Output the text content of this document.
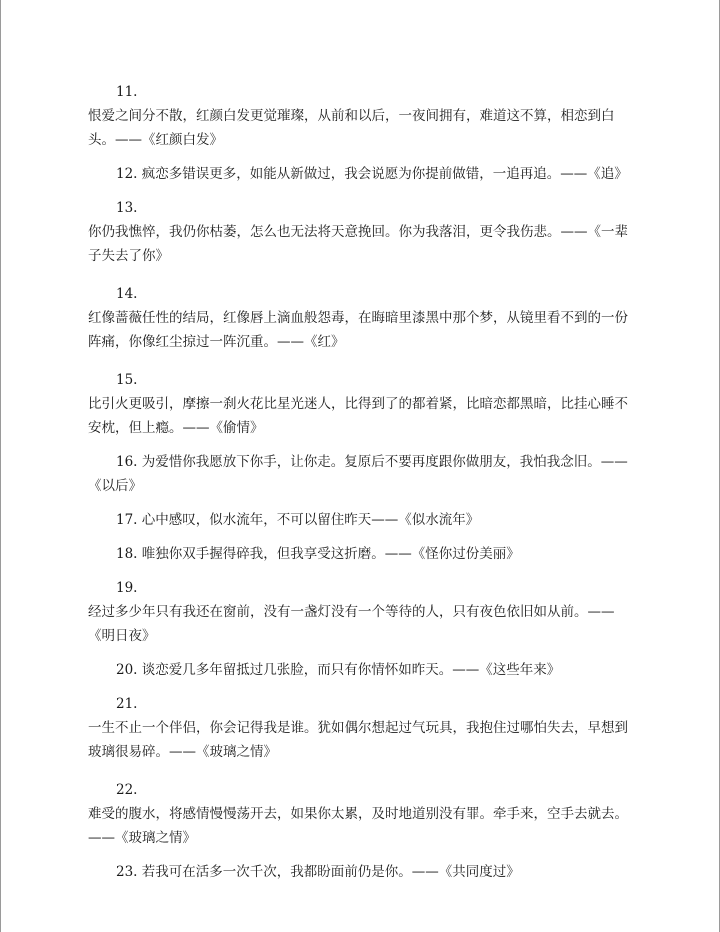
11.
恨爱之间分不散，红颜白发更觉璀璨，从前和以后，一夜间拥有，难道这不算，相恋到白头。——《红颜白发》

12. 疯恋多错误更多，如能从新做过，我会说愿为你提前做错，一追再追。——《追》

13.
你仍我憔悴，我仍你枯萎，怎么也无法将天意挽回。你为我落泪，更令我伤悲。——《一辈子失去了你》

14.
红像蔷薇任性的结局，红像唇上滴血般怨毒，在晦暗里漆黑中那个梦，从镜里看不到的一份阵痛，你像红尘掠过一阵沉重。——《红》

15.
比引火更吸引，摩擦一刹火花比星光迷人，比得到了的都着紧，比暗恋都黑暗，比挂心睡不安枕，但上瘾。——《偷情》

16. 为爱惜你我愿放下你手，让你走。复原后不要再度跟你做朋友，我怕我念旧。——《以后》

17. 心中感叹，似水流年，不可以留住昨天——《似水流年》

18. 唯独你双手握得碎我，但我享受这折磨。——《怪你过份美丽》

19.
经过多少年只有我还在窗前，没有一盏灯没有一个等待的人，只有夜色依旧如从前。——《明日夜》

20. 谈恋爱几多年留抵过几张脸，而只有你情怀如昨天。——《这些年来》

21.
一生不止一个伴侣，你会记得我是谁。犹如偶尔想起过气玩具，我抱住过哪怕失去，早想到玻璃很易碎。——《玻璃之情》

22.
难受的腹水，将感情慢慢荡开去，如果你太累，及时地道别没有罪。牵手来，空手去就去。——《玻璃之情》

23. 若我可在活多一次千次，我都盼面前仍是你。——《共同度过》
